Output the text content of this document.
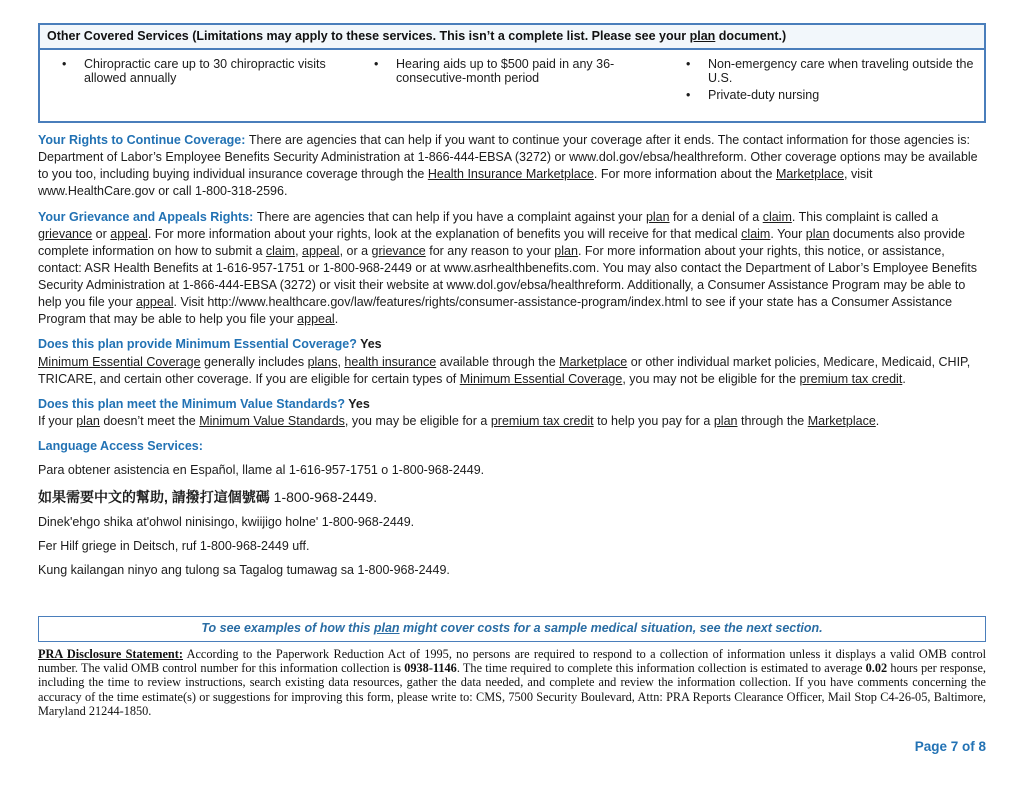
Other Covered Services (Limitations may apply to these services. This isn’t a complete list. Please see your plan document.)
•	Chiropractic care up to 30 chiropractic visits allowed annually
•	Hearing aids up to $500 paid in any 36-consecutive-month period
•	Non-emergency care when traveling outside the U.S.
•	Private-duty nursing

Your Rights to Continue Coverage: There are agencies that can help if you want to continue your coverage after it ends. The contact information for those agencies is: Department of Labor’s Employee Benefits Security Administration at 1-866-444-EBSA (3272) or www.dol.gov/ebsa/healthreform. Other coverage options may be available to you too, including buying individual insurance coverage through the Health Insurance Marketplace. For more information about the Marketplace, visit www.HealthCare.gov or call 1-800-318-2596.

Your Grievance and Appeals Rights: There are agencies that can help if you have a complaint against your plan for a denial of a claim. This complaint is called a grievance or appeal. For more information about your rights, look at the explanation of benefits you will receive for that medical claim. Your plan documents also provide complete information on how to submit a claim, appeal, or a grievance for any reason to your plan. For more information about your rights, this notice, or assistance, contact: ASR Health Benefits at 1-616-957-1751 or 1-800-968-2449 or at www.asrhealthbenefits.com. You may also contact the Department of Labor’s Employee Benefits Security Administration at 1-866-444-EBSA (3272) or visit their website at www.dol.gov/ebsa/healthreform. Additionally, a Consumer Assistance Program may be able to help you file your appeal. Visit http://www.healthcare.gov/law/features/rights/consumer-assistance-program/index.html to see if your state has a Consumer Assistance Program that may be able to help you file your appeal.

Does this plan provide Minimum Essential Coverage? Yes

Minimum Essential Coverage generally includes plans, health insurance available through the Marketplace or other individual market policies, Medicare, Medicaid, CHIP, TRICARE, and certain other coverage. If you are eligible for certain types of Minimum Essential Coverage, you may not be eligible for the premium tax credit.

Does this plan meet the Minimum Value Standards? Yes

If your plan doesn’t meet the Minimum Value Standards, you may be eligible for a premium tax credit to help you pay for a plan through the Marketplace.

Language Access Services:

Para obtener asistencia en Español, llame al 1-616-957-1751 o 1-800-968-2449.

如果需要中文的幫助, 請撥打這個號碼 1-800-968-2449.

Dinek'ehgo shika at'ohwol ninisingo, kwiijigo holne' 1-800-968-2449.

Fer Hilf griege in Deitsch, ruf 1-800-968-2449 uff.

Kung kailangan ninyo ang tulong sa Tagalog tumawag sa 1-800-968-2449.

To see examples of how this plan might cover costs for a sample medical situation, see the next section.

PRA Disclosure Statement: According to the Paperwork Reduction Act of 1995, no persons are required to respond to a collection of information unless it displays a valid OMB control number. The valid OMB control number for this information collection is 0938-1146. The time required to complete this information collection is estimated to average 0.02 hours per response, including the time to review instructions, search existing data resources, gather the data needed, and complete and review the information collection. If you have comments concerning the accuracy of the time estimate(s) or suggestions for improving this form, please write to: CMS, 7500 Security Boulevard, Attn: PRA Reports Clearance Officer, Mail Stop C4-26-05, Baltimore, Maryland 21244-1850.

Page 7 of 8
